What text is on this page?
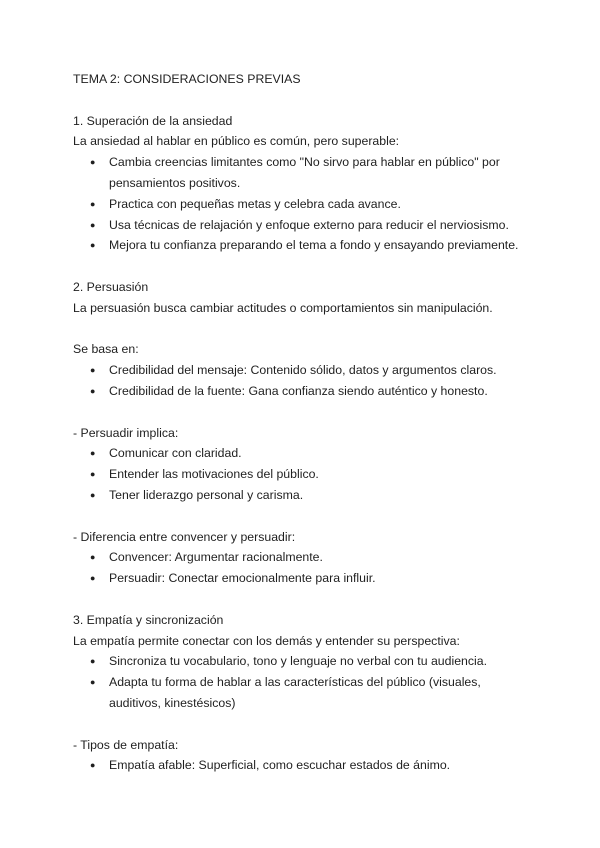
TEMA 2: CONSIDERACIONES PREVIAS
1. Superación de la ansiedad
La ansiedad al hablar en público es común, pero superable:
● Cambia creencias limitantes como "No sirvo para hablar en público" por pensamientos positivos.
● Practica con pequeñas metas y celebra cada avance.
● Usa técnicas de relajación y enfoque externo para reducir el nerviosismo.
● Mejora tu confianza preparando el tema a fondo y ensayando previamente.
2. Persuasión
La persuasión busca cambiar actitudes o comportamientos sin manipulación.
Se basa en:
● Credibilidad del mensaje: Contenido sólido, datos y argumentos claros.
● Credibilidad de la fuente: Gana confianza siendo auténtico y honesto.
- Persuadir implica:
● Comunicar con claridad.
● Entender las motivaciones del público.
● Tener liderazgo personal y carisma.
- Diferencia entre convencer y persuadir:
● Convencer: Argumentar racionalmente.
● Persuadir: Conectar emocionalmente para influir.
3. Empatía y sincronización
La empatía permite conectar con los demás y entender su perspectiva:
● Sincroniza tu vocabulario, tono y lenguaje no verbal con tu audiencia.
● Adapta tu forma de hablar a las características del público (visuales, auditivos, kinestésicos)
- Tipos de empatía:
● Empatía afable: Superficial, como escuchar estados de ánimo.
